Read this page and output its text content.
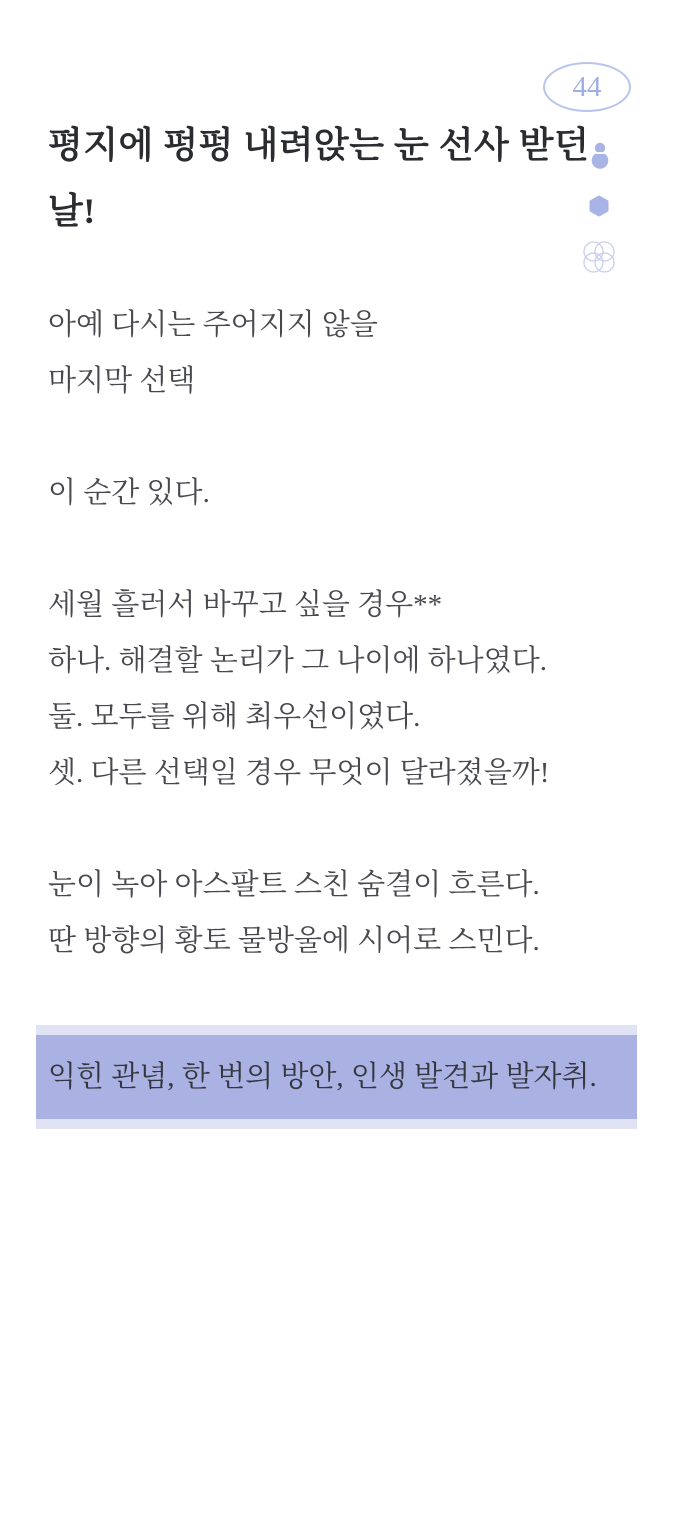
44
평지에 펑펑 내려앉는 눈 선사 받던
날!
아예 다시는 주어지지 않을
마지막 선택
이 순간 있다.
세월 흘러서 바꾸고 싶을 경우**
하나. 해결할 논리가 그 나이에 하나였다.
둘. 모두를 위해 최우선이였다.
셋. 다른 선택일 경우 무엇이 달라졌을까!
눈이 녹아 아스팔트 스친 숨결이 흐른다.
딴 방향의 황토 물방울에 시어로 스민다.
익힌 관념, 한 번의 방안, 인생 발견과 발자취.
